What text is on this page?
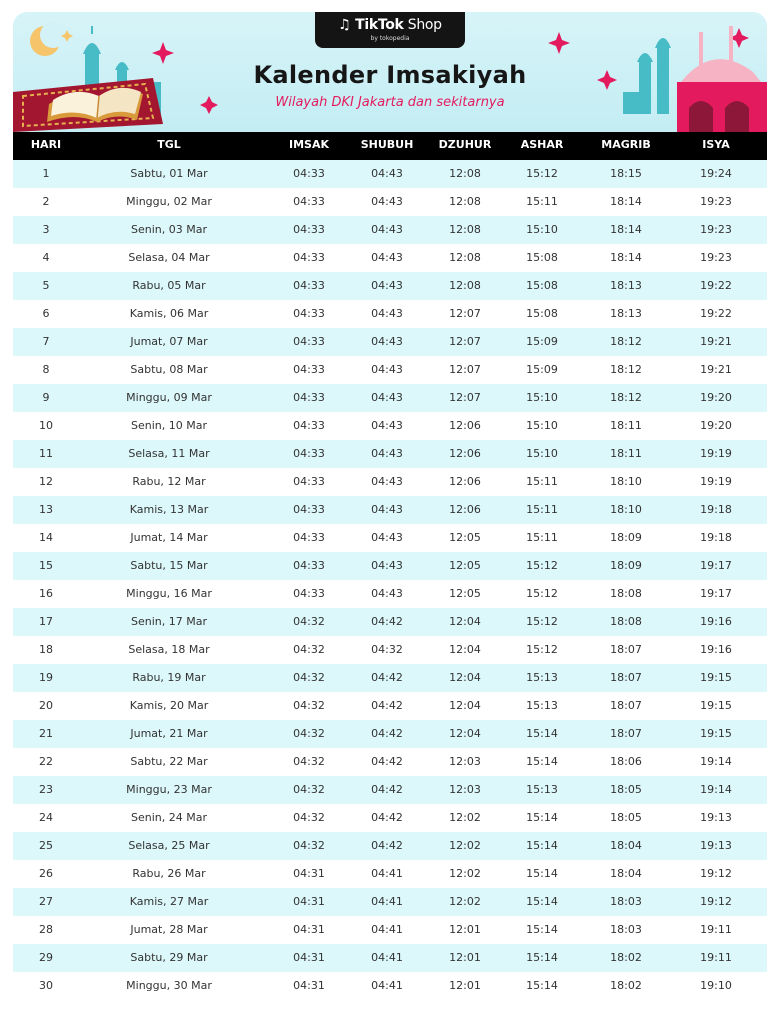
♫ TikTok Shop
by tokopedia
Kalender Imsakiyah
Wilayah DKI Jakarta dan sekitarnya
HARI	TGL	IMSAK	SHUBUH	DZUHUR	ASHAR	MAGRIB	ISYA
1	Sabtu, 01 Mar	04:33	04:43	12:08	15:12	18:15	19:24
2	Minggu, 02 Mar	04:33	04:43	12:08	15:11	18:14	19:23
3	Senin, 03 Mar	04:33	04:43	12:08	15:10	18:14	19:23
4	Selasa, 04 Mar	04:33	04:43	12:08	15:08	18:14	19:23
5	Rabu, 05 Mar	04:33	04:43	12:08	15:08	18:13	19:22
6	Kamis, 06 Mar	04:33	04:43	12:07	15:08	18:13	19:22
7	Jumat, 07 Mar	04:33	04:43	12:07	15:09	18:12	19:21
8	Sabtu, 08 Mar	04:33	04:43	12:07	15:09	18:12	19:21
9	Minggu, 09 Mar	04:33	04:43	12:07	15:10	18:12	19:20
10	Senin, 10 Mar	04:33	04:43	12:06	15:10	18:11	19:20
11	Selasa, 11 Mar	04:33	04:43	12:06	15:10	18:11	19:19
12	Rabu, 12 Mar	04:33	04:43	12:06	15:11	18:10	19:19
13	Kamis, 13 Mar	04:33	04:43	12:06	15:11	18:10	19:18
14	Jumat, 14 Mar	04:33	04:43	12:05	15:11	18:09	19:18
15	Sabtu, 15 Mar	04:33	04:43	12:05	15:12	18:09	19:17
16	Minggu, 16 Mar	04:33	04:43	12:05	15:12	18:08	19:17
17	Senin, 17 Mar	04:32	04:42	12:04	15:12	18:08	19:16
18	Selasa, 18 Mar	04:32	04:32	12:04	15:12	18:07	19:16
19	Rabu, 19 Mar	04:32	04:42	12:04	15:13	18:07	19:15
20	Kamis, 20 Mar	04:32	04:42	12:04	15:13	18:07	19:15
21	Jumat, 21 Mar	04:32	04:42	12:04	15:14	18:07	19:15
22	Sabtu, 22 Mar	04:32	04:42	12:03	15:14	18:06	19:14
23	Minggu, 23 Mar	04:32	04:42	12:03	15:13	18:05	19:14
24	Senin, 24 Mar	04:32	04:42	12:02	15:14	18:05	19:13
25	Selasa, 25 Mar	04:32	04:42	12:02	15:14	18:04	19:13
26	Rabu, 26 Mar	04:31	04:41	12:02	15:14	18:04	19:12
27	Kamis, 27 Mar	04:31	04:41	12:02	15:14	18:03	19:12
28	Jumat, 28 Mar	04:31	04:41	12:01	15:14	18:03	19:11
29	Sabtu, 29 Mar	04:31	04:41	12:01	15:14	18:02	19:11
30	Minggu, 30 Mar	04:31	04:41	12:01	15:14	18:02	19:10
